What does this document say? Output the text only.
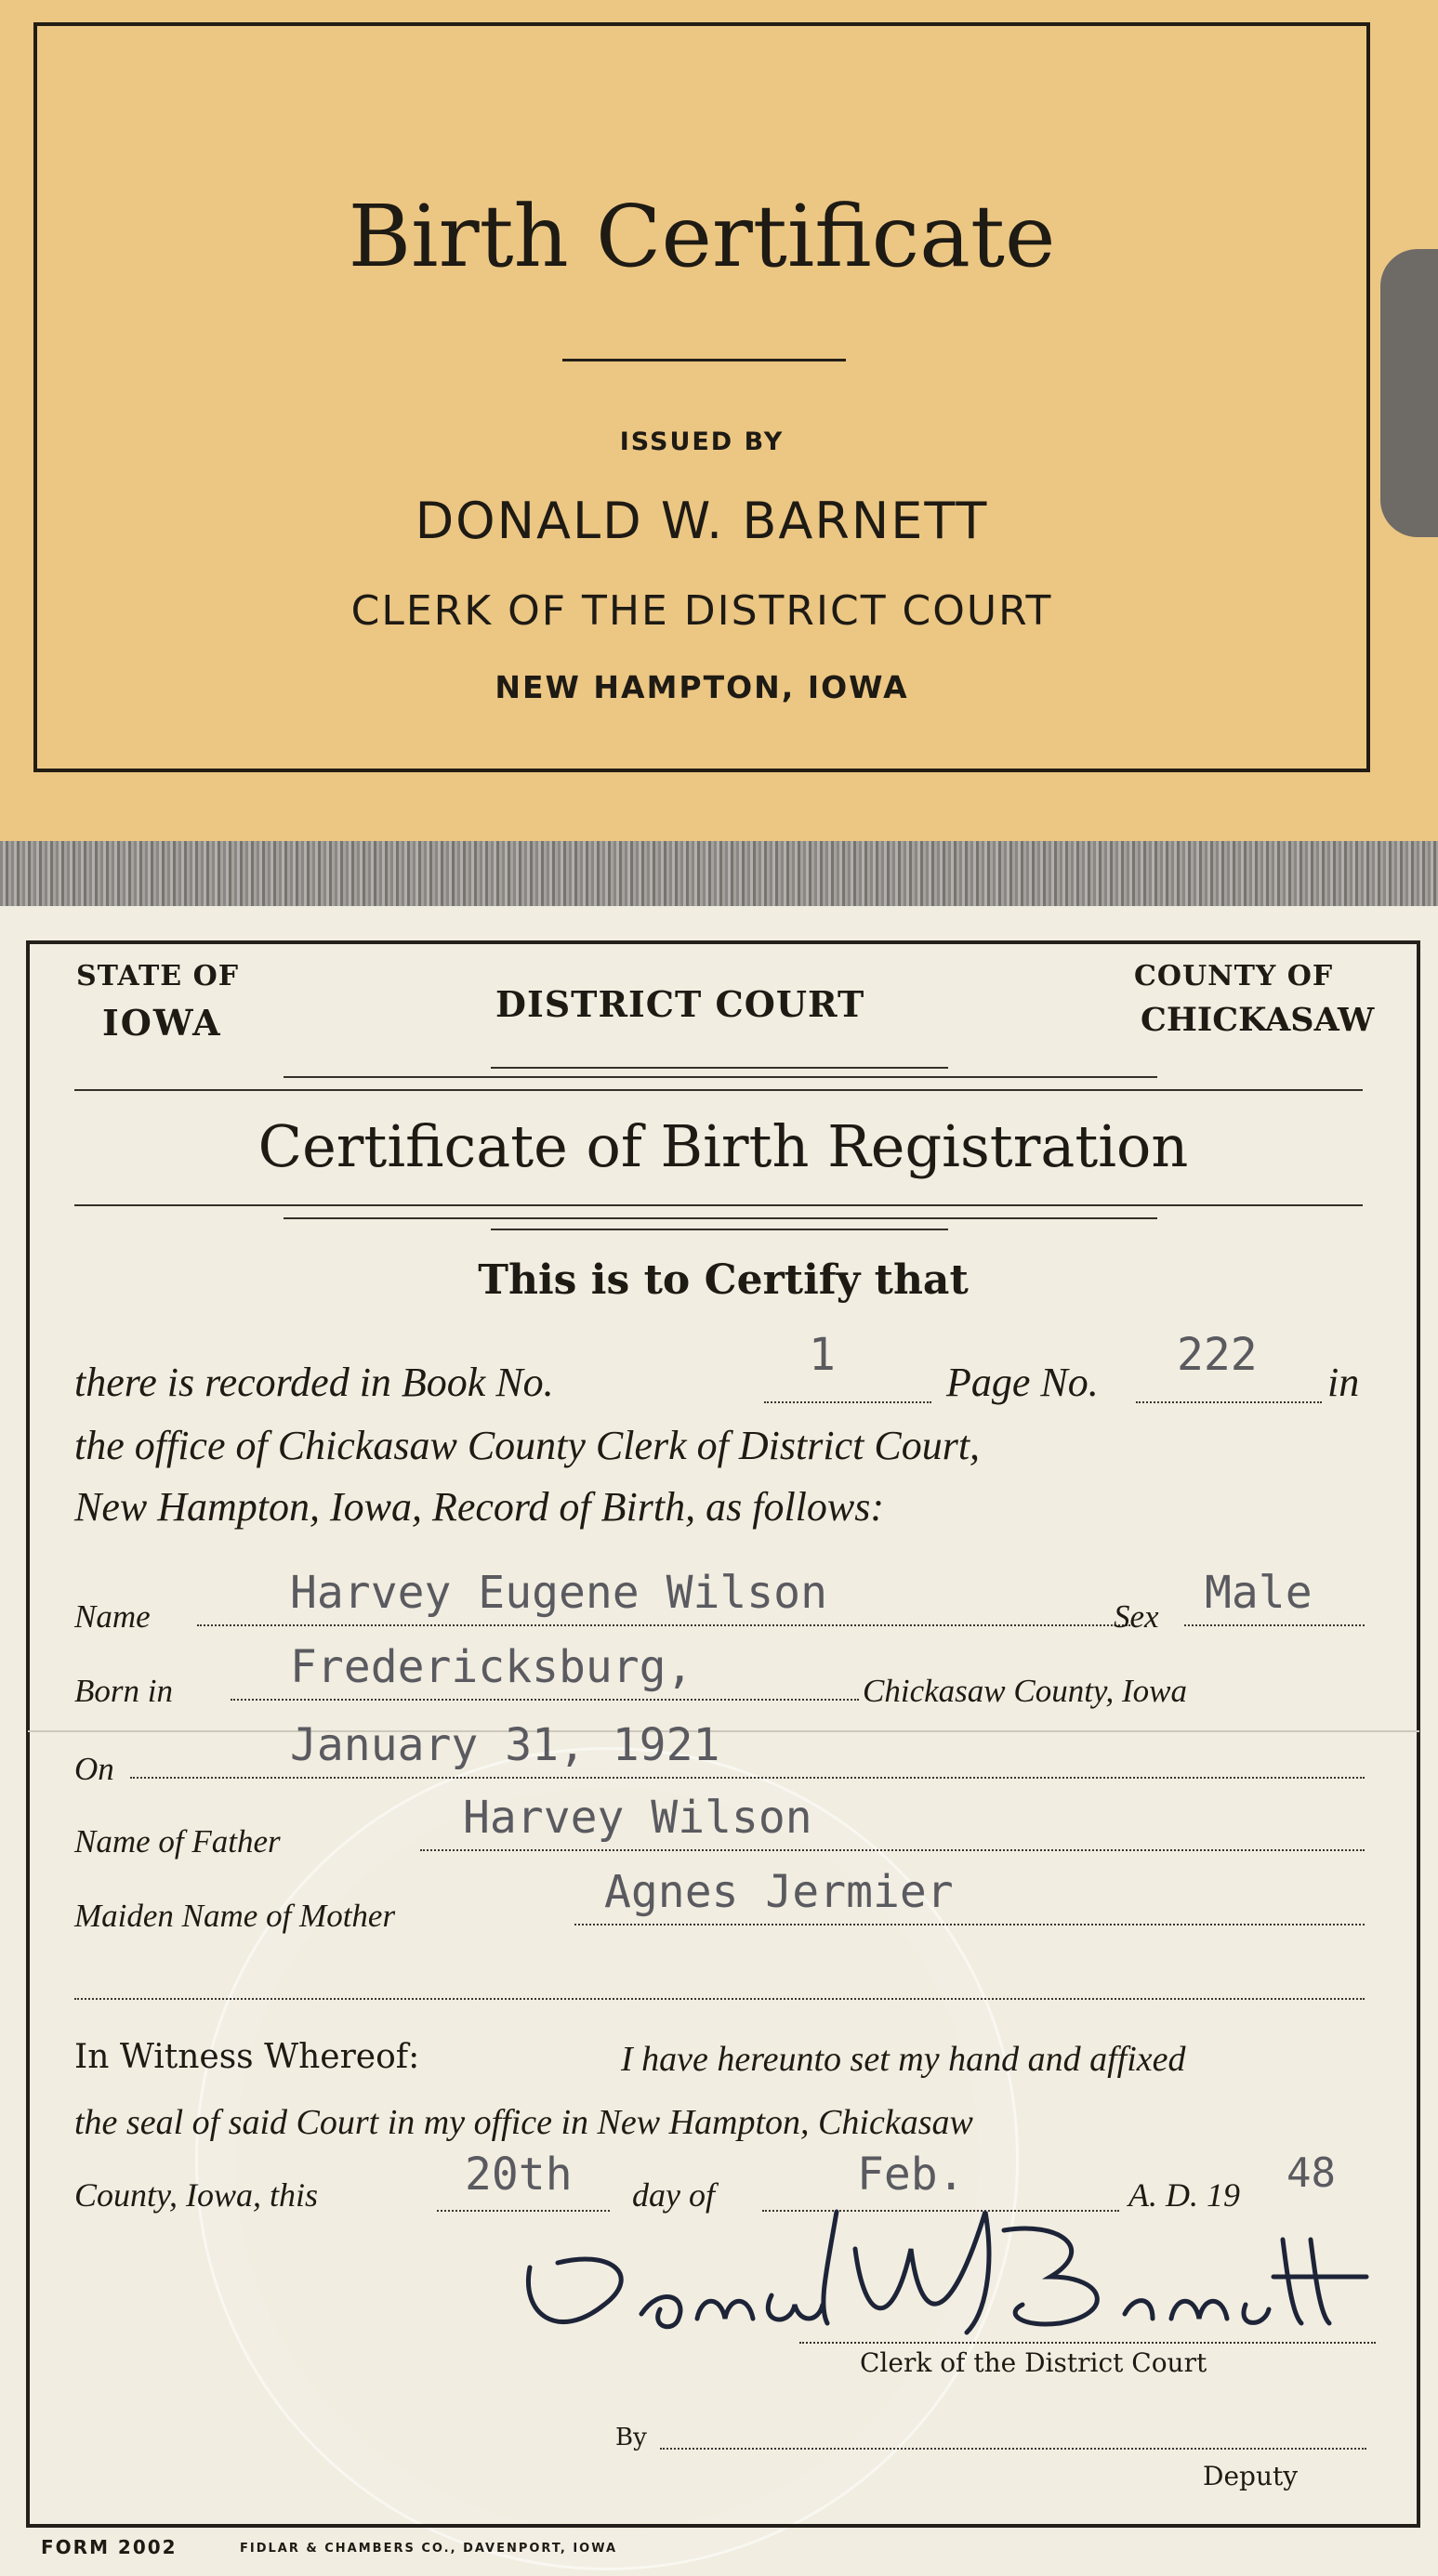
Birth Certificate
ISSUED BY
DONALD W. BARNETT
CLERK OF THE DISTRICT COURT
NEW HAMPTON, IOWA
STATE OF
IOWA	DISTRICT COURT
COUNTY OF
CHICKASAW
Certificate of Birth Registration
This is to Certify that
there is recorded in Book No.
1
Page No.
222
in
the office of Chickasaw County Clerk of District Court,
New Hampton, Iowa, Record of Birth, as follows:
Name	Harvey Eugene Wilson	Sex Male
Born in	Fredericksburg,	Chickasaw County, Iowa
On	January 31, 1921
Name of Father	Harvey Wilson
Maiden Name of Mother	Agnes Jermier
In Witness Whereof:	I have hereunto set my hand and affixed
the seal of said Court in my office in New Hampton, Chickasaw
County, Iowa, this	20th day of	Feb.	A. D. 19 48
Clerk of the District Court
By
Deputy
FORM 2002	FIDLAR & CHAMBERS CO., DAVENPORT, IOWA
